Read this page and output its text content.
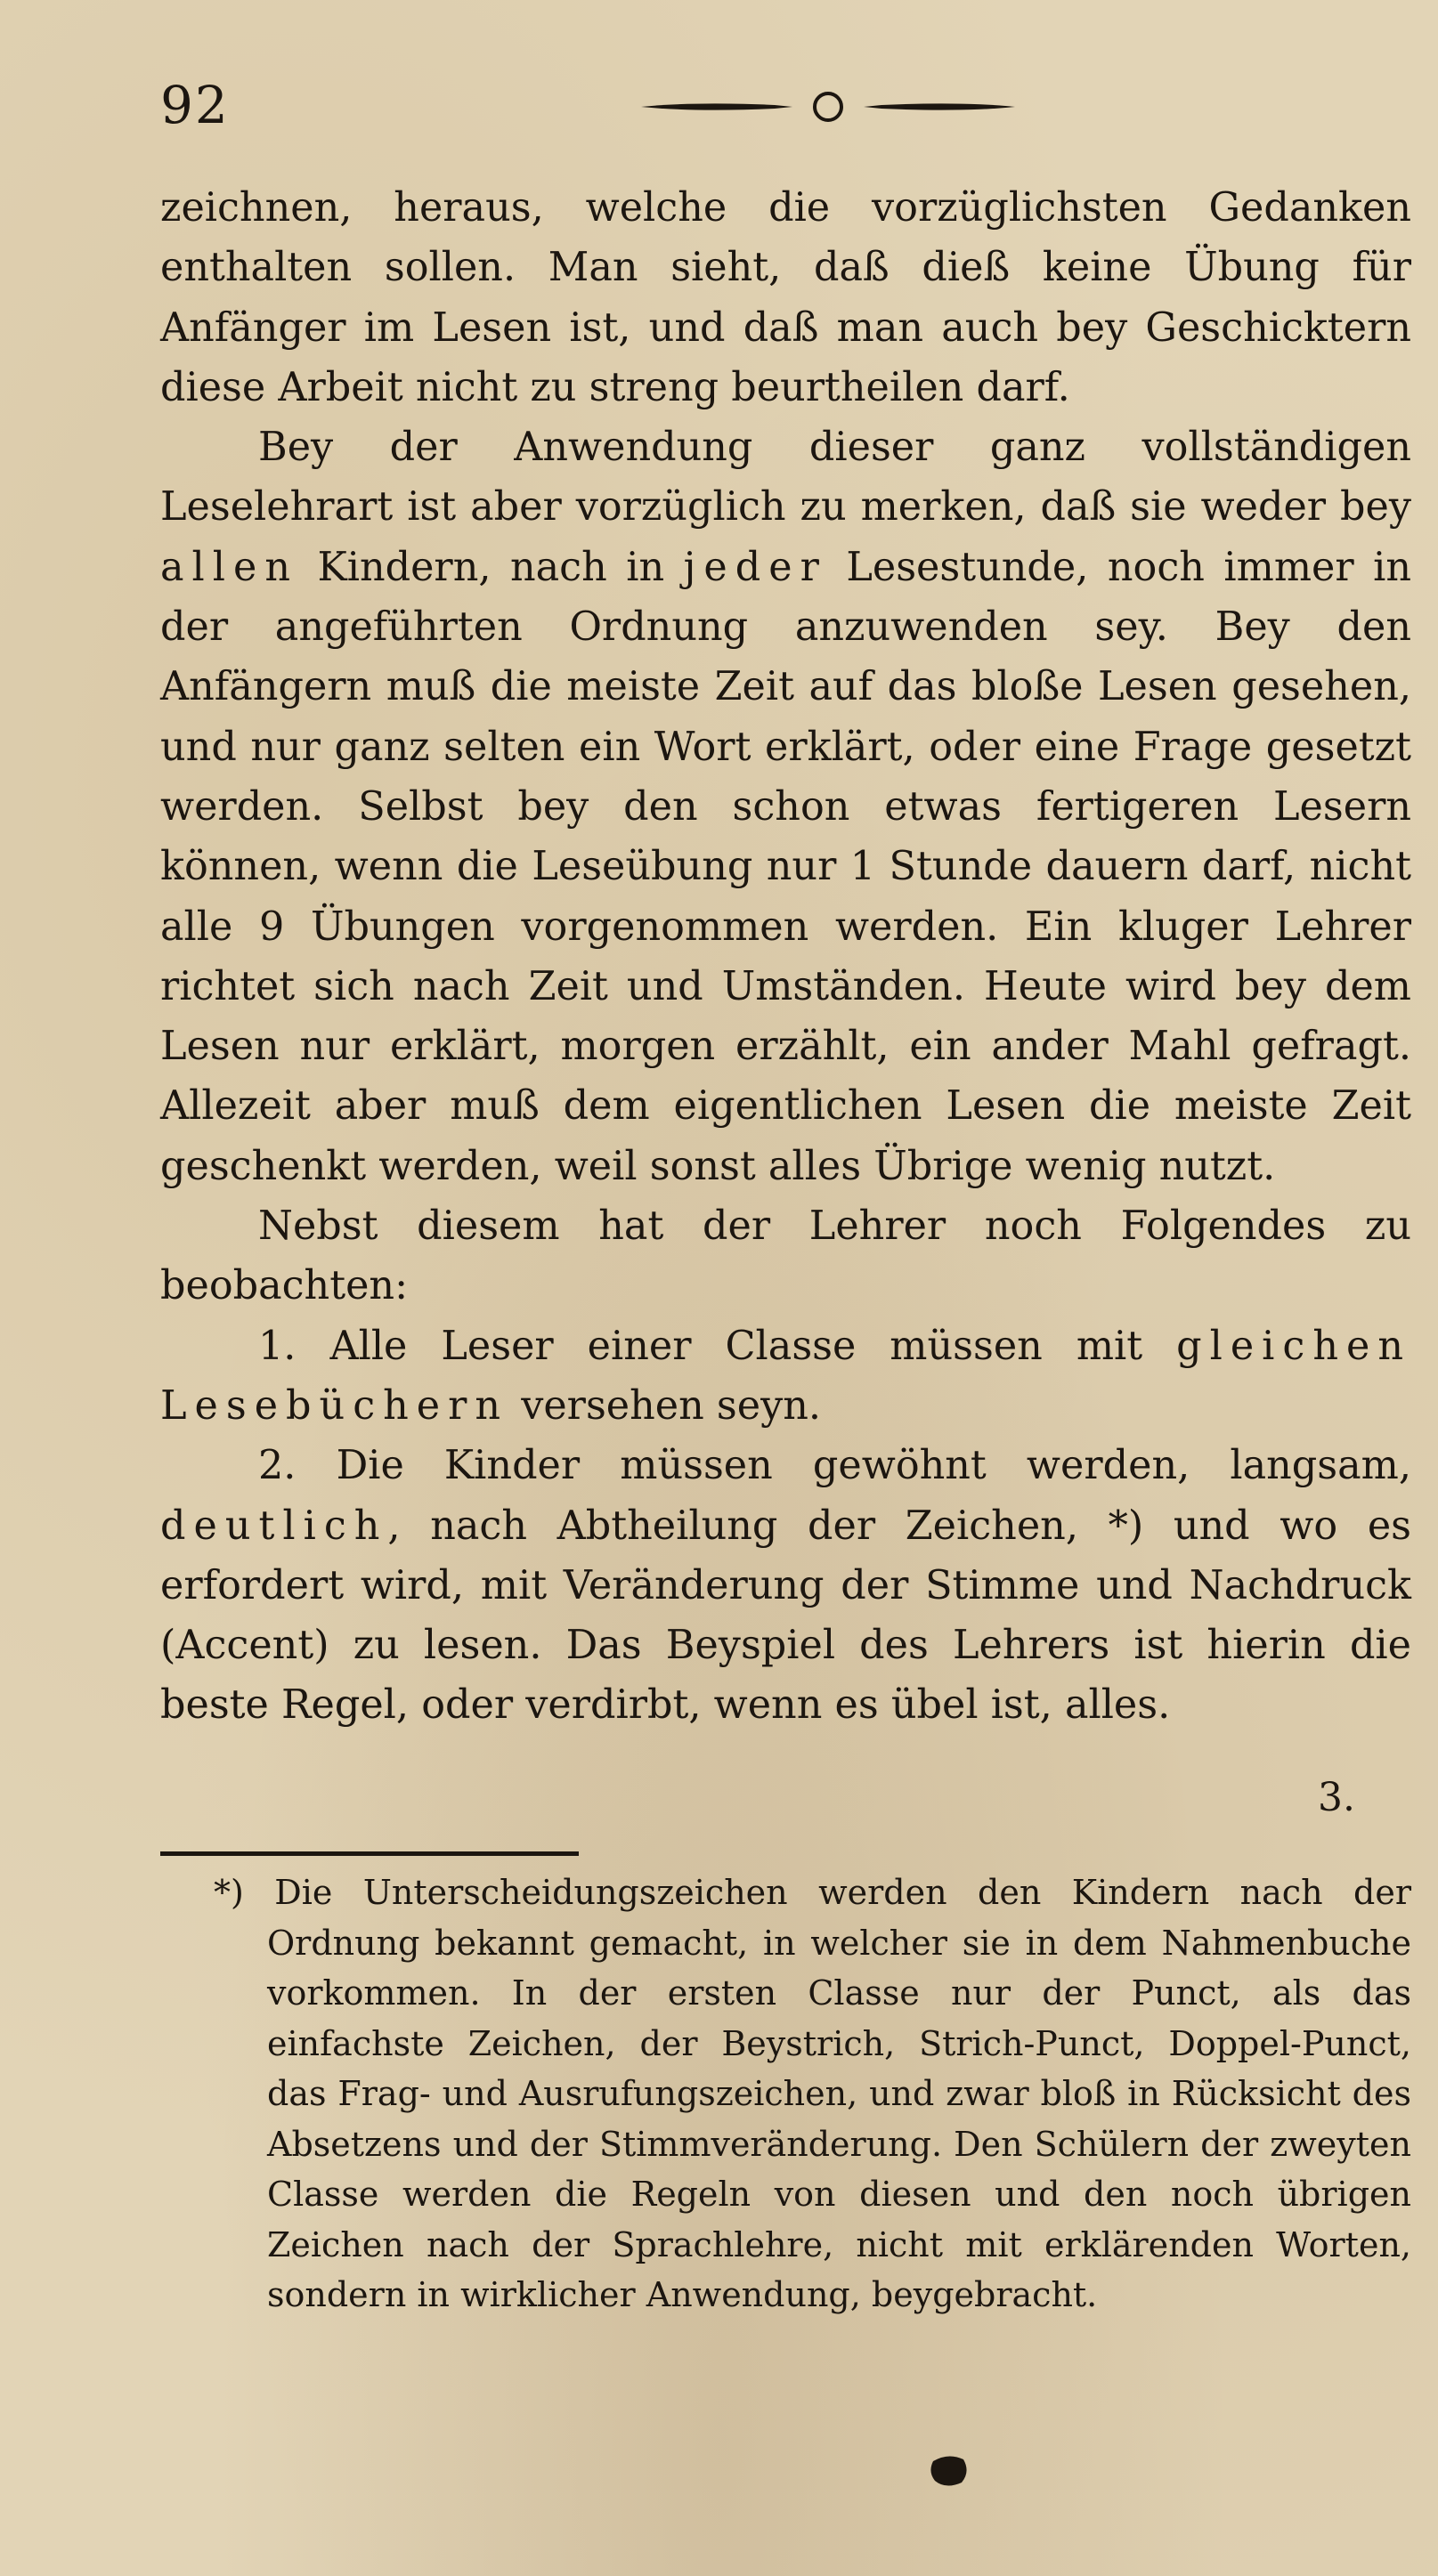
92

zeichnen, heraus, welche die vorzüglichsten Gedanken enthalten sollen. Man sieht, daß dieß keine Übung für Anfänger im Lesen ist, und daß man auch bey Geschicktern diese Arbeit nicht zu streng beurtheilen darf.

Bey der Anwendung dieser ganz vollständigen Leselehrart ist aber vorzüglich zu merken, daß sie weder bey allen Kindern, nach in jeder Lesestunde, noch immer in der angeführten Ordnung anzuwenden sey. Bey den Anfängern muß die meiste Zeit auf das bloße Lesen gesehen, und nur ganz selten ein Wort erklärt, oder eine Frage gesetzt werden. Selbst bey den schon etwas fertigeren Lesern können, wenn die Leseübung nur 1 Stunde dauern darf, nicht alle 9 Übungen vorgenommen werden. Ein kluger Lehrer richtet sich nach Zeit und Umständen. Heute wird bey dem Lesen nur erklärt, morgen erzählt, ein ander Mahl gefragt. Allezeit aber muß dem eigentlichen Lesen die meiste Zeit geschenkt werden, weil sonst alles Übrige wenig nutzt.

Nebst diesem hat der Lehrer noch Folgendes zu beobachten:

1. Alle Leser einer Classe müssen mit gleichen Lesebüchern versehen seyn.

2. Die Kinder müssen gewöhnt werden, langsam, deutlich, nach Abtheilung der Zeichen, *) und wo es erfordert wird, mit Veränderung der Stimme und Nachdruck (Accent) zu lesen. Das Beyspiel des Lehrers ist hierin die beste Regel, oder verdirbt, wenn es übel ist, alles.

3.

*) Die Unterscheidungszeichen werden den Kindern nach der Ordnung bekannt gemacht, in welcher sie in dem Nahmenbuche vorkommen. In der ersten Classe nur der Punct, als das einfachste Zeichen, der Beystrich, Strich-Punct, Doppel-Punct, das Frag- und Ausrufungszeichen, und zwar bloß in Rücksicht des Absetzens und der Stimmveränderung. Den Schülern der zweyten Classe werden die Regeln von diesen und den noch übrigen Zeichen nach der Sprachlehre, nicht mit erklärenden Worten, sondern in wirklicher Anwendung, beygebracht.
